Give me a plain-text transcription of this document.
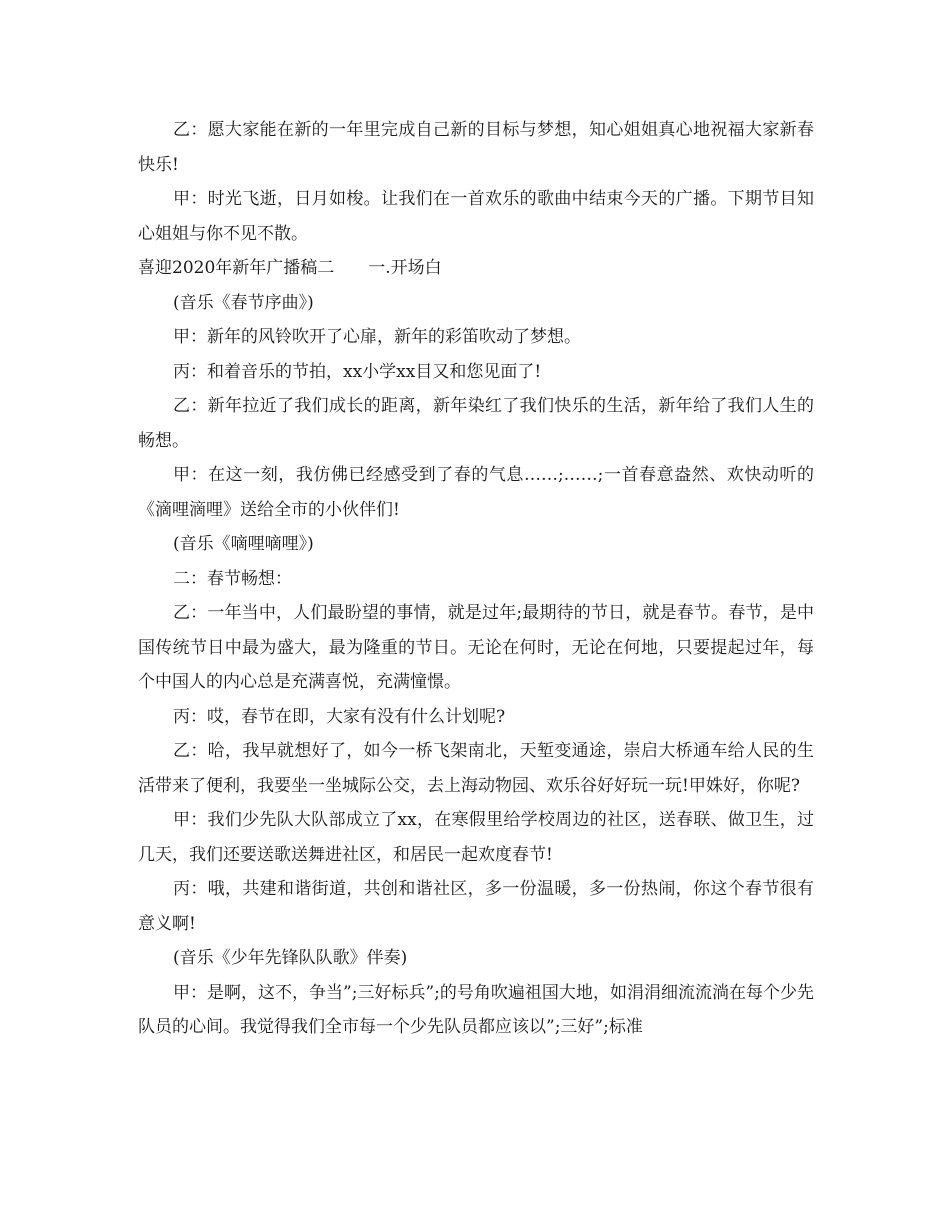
乙：愿大家能在新的一年里完成自己新的目标与梦想，知心姐姐真心地祝福大家新春快乐!

甲：时光飞逝，日月如梭。让我们在一首欢乐的歌曲中结束今天的广播。下期节目知心姐姐与你不见不散。

喜迎2020年新年广播稿二　　一.开场白

(音乐《春节序曲》)

甲：新年的风铃吹开了心扉，新年的彩笛吹动了梦想。

丙：和着音乐的节拍，xx小学xx目又和您见面了!

乙：新年拉近了我们成长的距离，新年染红了我们快乐的生活，新年给了我们人生的畅想。

甲：在这一刻，我仿佛已经感受到了春的气息……;……;一首春意盎然、欢快动听的《滴哩滴哩》送给全市的小伙伴们!

(音乐《嘀哩嘀哩》)

二：春节畅想：

乙：一年当中，人们最盼望的事情，就是过年;最期待的节日，就是春节。春节，是中国传统节日中最为盛大，最为隆重的节日。无论在何时，无论在何地，只要提起过年，每个中国人的内心总是充满喜悦，充满憧憬。

丙：哎，春节在即，大家有没有什么计划呢?

乙：哈，我早就想好了，如今一桥飞架南北，天堑变通途，崇启大桥通车给人民的生活带来了便利，我要坐一坐城际公交，去上海动物园、欢乐谷好好玩一玩!甲姝好，你呢?

甲：我们少先队大队部成立了xx，在寒假里给学校周边的社区，送春联、做卫生，过几天，我们还要送歌送舞进社区，和居民一起欢度春节!

丙：哦，共建和谐街道，共创和谐社区，多一份温暖，多一份热闹，你这个春节很有意义啊!

(音乐《少年先锋队队歌》伴奏)

甲：是啊，这不，争当”;三好标兵”;的号角吹遍祖国大地，如涓涓细流流淌在每个少先队员的心间。我觉得我们全市每一个少先队员都应该以”;三好”;标准
